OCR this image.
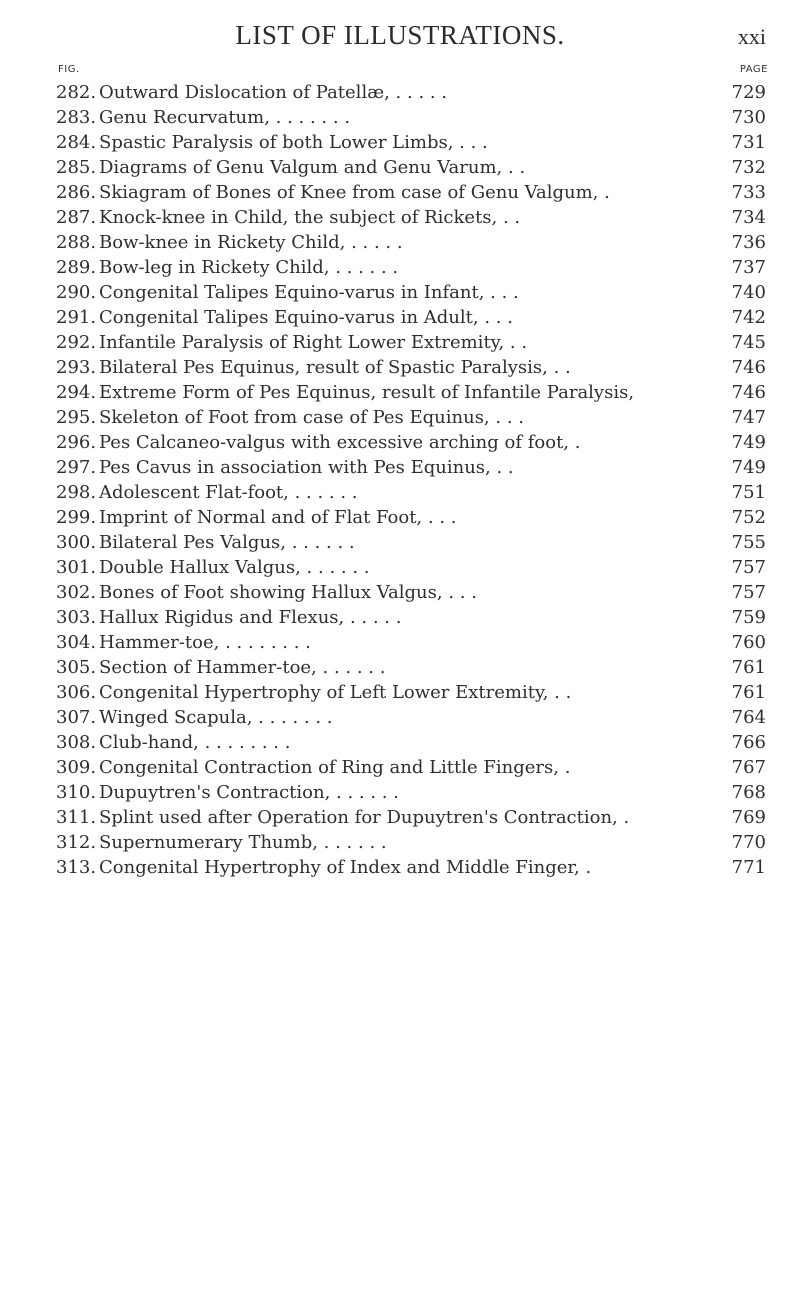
LIST OF ILLUSTRATIONS.	xxi
FIG.	PAGE
282. Outward Dislocation of Patellæ, . . . . .	729
283. Genu Recurvatum, . . . . . . .	730
284. Spastic Paralysis of both Lower Limbs, . . .	731
285. Diagrams of Genu Valgum and Genu Varum, . .	732
286. Skiagram of Bones of Knee from case of Genu Valgum, .	733
287. Knock-knee in Child, the subject of Rickets, . .	734
288. Bow-knee in Rickety Child, . . . . .	736
289. Bow-leg in Rickety Child, . . . . . .	737
290. Congenital Talipes Equino-varus in Infant, . . .	740
291. Congenital Talipes Equino-varus in Adult, . . .	742
292. Infantile Paralysis of Right Lower Extremity, . .	745
293. Bilateral Pes Equinus, result of Spastic Paralysis, . .	746
294. Extreme Form of Pes Equinus, result of Infantile Paralysis,	746
295. Skeleton of Foot from case of Pes Equinus, . . .	747
296. Pes Calcaneo-valgus with excessive arching of foot, .	749
297. Pes Cavus in association with Pes Equinus, . .	749
298. Adolescent Flat-foot, . . . . . .	751
299. Imprint of Normal and of Flat Foot, . . .	752
300. Bilateral Pes Valgus, . . . . . .	755
301. Double Hallux Valgus, . . . . . .	757
302. Bones of Foot showing Hallux Valgus, . . .	757
303. Hallux Rigidus and Flexus, . . . . .	759
304. Hammer-toe, . . . . . . . .	760
305. Section of Hammer-toe, . . . . . .	761
306. Congenital Hypertrophy of Left Lower Extremity, . .	761
307. Winged Scapula, . . . . . . .	764
308. Club-hand, . . . . . . . .	766
309. Congenital Contraction of Ring and Little Fingers, .	767
310. Dupuytren's Contraction, . . . . . .	768
311. Splint used after Operation for Dupuytren's Contraction, .	769
312. Supernumerary Thumb, . . . . . .	770
313. Congenital Hypertrophy of Index and Middle Finger, .	771
